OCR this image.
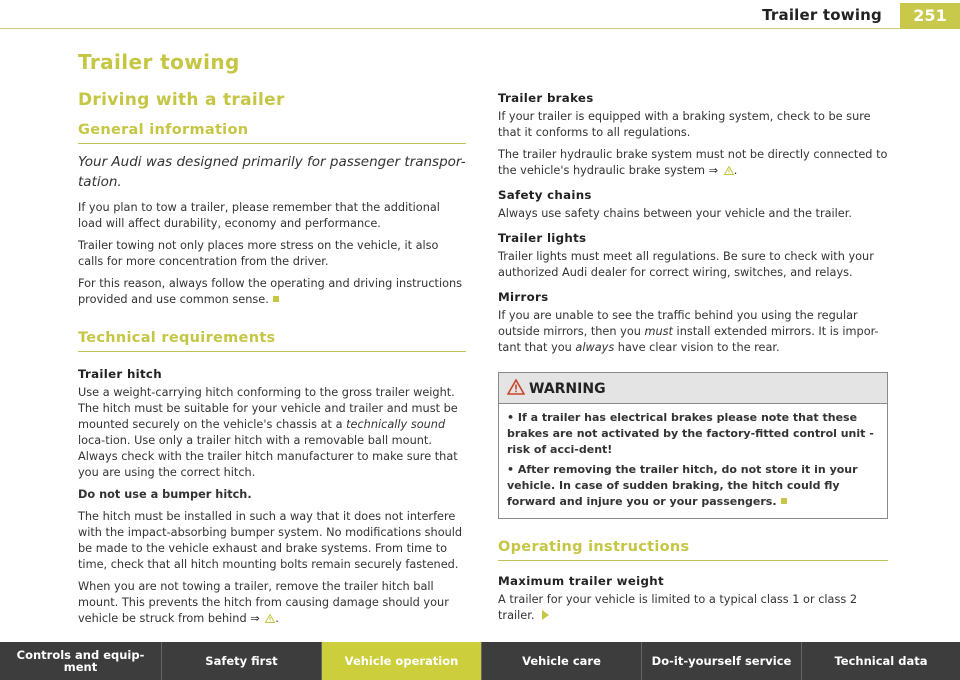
Trailer towing	251
Trailer towing
Driving with a trailer
General information
Your Audi was designed primarily for passenger transpor-tation.

If you plan to tow a trailer, please remember that the additional load will affect durability, economy and performance.

Trailer towing not only places more stress on the vehicle, it also calls for more concentration from the driver.

For this reason, always follow the operating and driving instructions provided and use common sense.

Technical requirements
Trailer hitch

Use a weight-carrying hitch conforming to the gross trailer weight. The hitch must be suitable for your vehicle and trailer and must be mounted securely on the vehicle's chassis at a technically sound loca-tion. Use only a trailer hitch with a removable ball mount. Always check with the trailer hitch manufacturer to make sure that you are using the correct hitch.

Do not use a bumper hitch.

The hitch must be installed in such a way that it does not interfere with the impact-absorbing bumper system. No modifications should be made to the vehicle exhaust and brake systems. From time to time, check that all hitch mounting bolts remain securely fastened.

When you are not towing a trailer, remove the trailer hitch ball mount. This prevents the hitch from causing damage should your vehicle be struck from behind ⇒ .

Trailer brakes

If your trailer is equipped with a braking system, check to be sure that it conforms to all regulations.

The trailer hydraulic brake system must not be directly connected to the vehicle's hydraulic brake system ⇒ .

Safety chains

Always use safety chains between your vehicle and the trailer.

Trailer lights

Trailer lights must meet all regulations. Be sure to check with your authorized Audi dealer for correct wiring, switches, and relays.

Mirrors

If you are unable to see the traffic behind you using the regular outside mirrors, then you must install extended mirrors. It is impor-tant that you always have clear vision to the rear.

WARNING

• If a trailer has electrical brakes please note that these brakes are not activated by the factory-fitted control unit - risk of acci-dent!

• After removing the trailer hitch, do not store it in your vehicle. In case of sudden braking, the hitch could fly forward and injure you or your passengers.

Operating instructions
Maximum trailer weight

A trailer for your vehicle is limited to a typical class 1 or class 2 trailer.

Controls and equip-ment	Safety first	Vehicle operation	Vehicle care	Do-it-yourself service	Technical data
